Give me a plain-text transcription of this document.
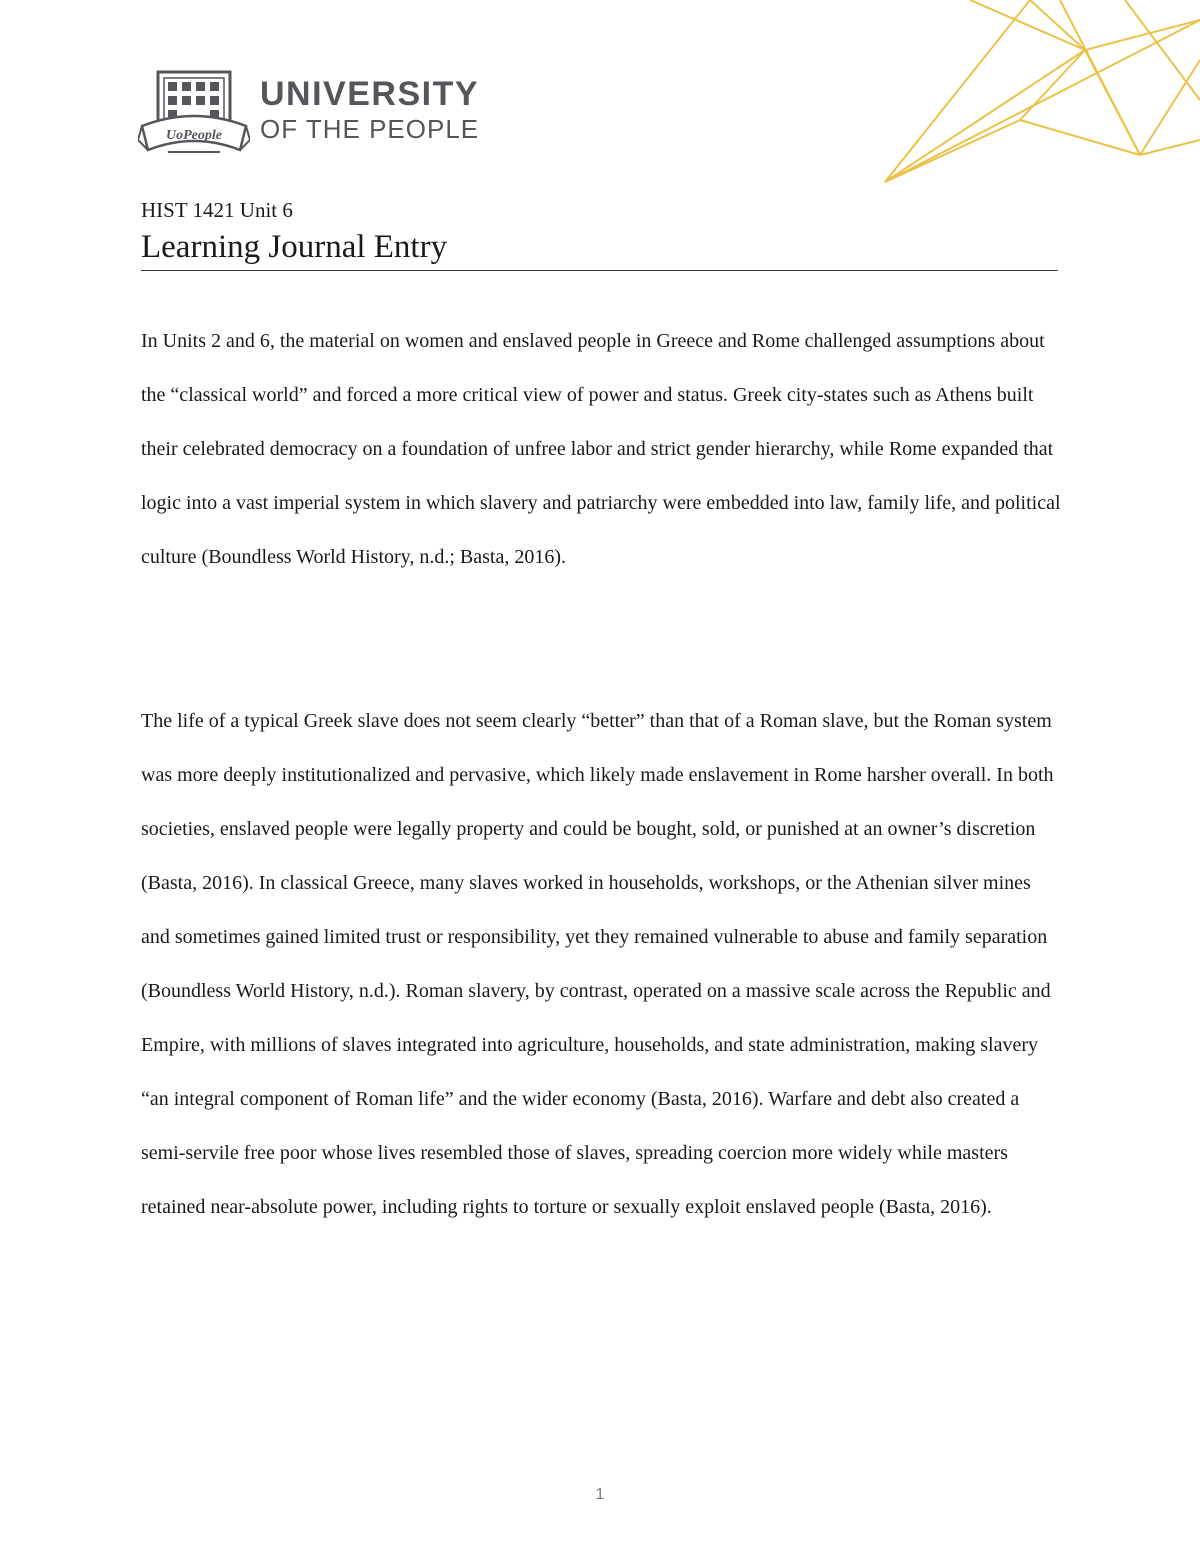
UoPeople
UNIVERSITY
OF THE PEOPLE
HIST 1421 Unit 6
Learning Journal Entry

In Units 2 and 6, the material on women and enslaved people in Greece and Rome challenged assumptions about the “classical world” and forced a more critical view of power and status. Greek city-states such as Athens built their celebrated democracy on a foundation of unfree labor and strict gender hierarchy, while Rome expanded that logic into a vast imperial system in which slavery and patriarchy were embedded into law, family life, and political culture (Boundless World History, n.d.; Basta, 2016).

The life of a typical Greek slave does not seem clearly “better” than that of a Roman slave, but the Roman system was more deeply institutionalized and pervasive, which likely made enslavement in Rome harsher overall. In both societies, enslaved people were legally property and could be bought, sold, or punished at an owner’s discretion (Basta, 2016). In classical Greece, many slaves worked in households, workshops, or the Athenian silver mines and sometimes gained limited trust or responsibility, yet they remained vulnerable to abuse and family separation (Boundless World History, n.d.). Roman slavery, by contrast, operated on a massive scale across the Republic and Empire, with millions of slaves integrated into agriculture, households, and state administration, making slavery “an integral component of Roman life” and the wider economy (Basta, 2016). Warfare and debt also created a semi-servile free poor whose lives resembled those of slaves, spreading coercion more widely while masters retained near-absolute power, including rights to torture or sexually exploit enslaved people (Basta, 2016).

1
